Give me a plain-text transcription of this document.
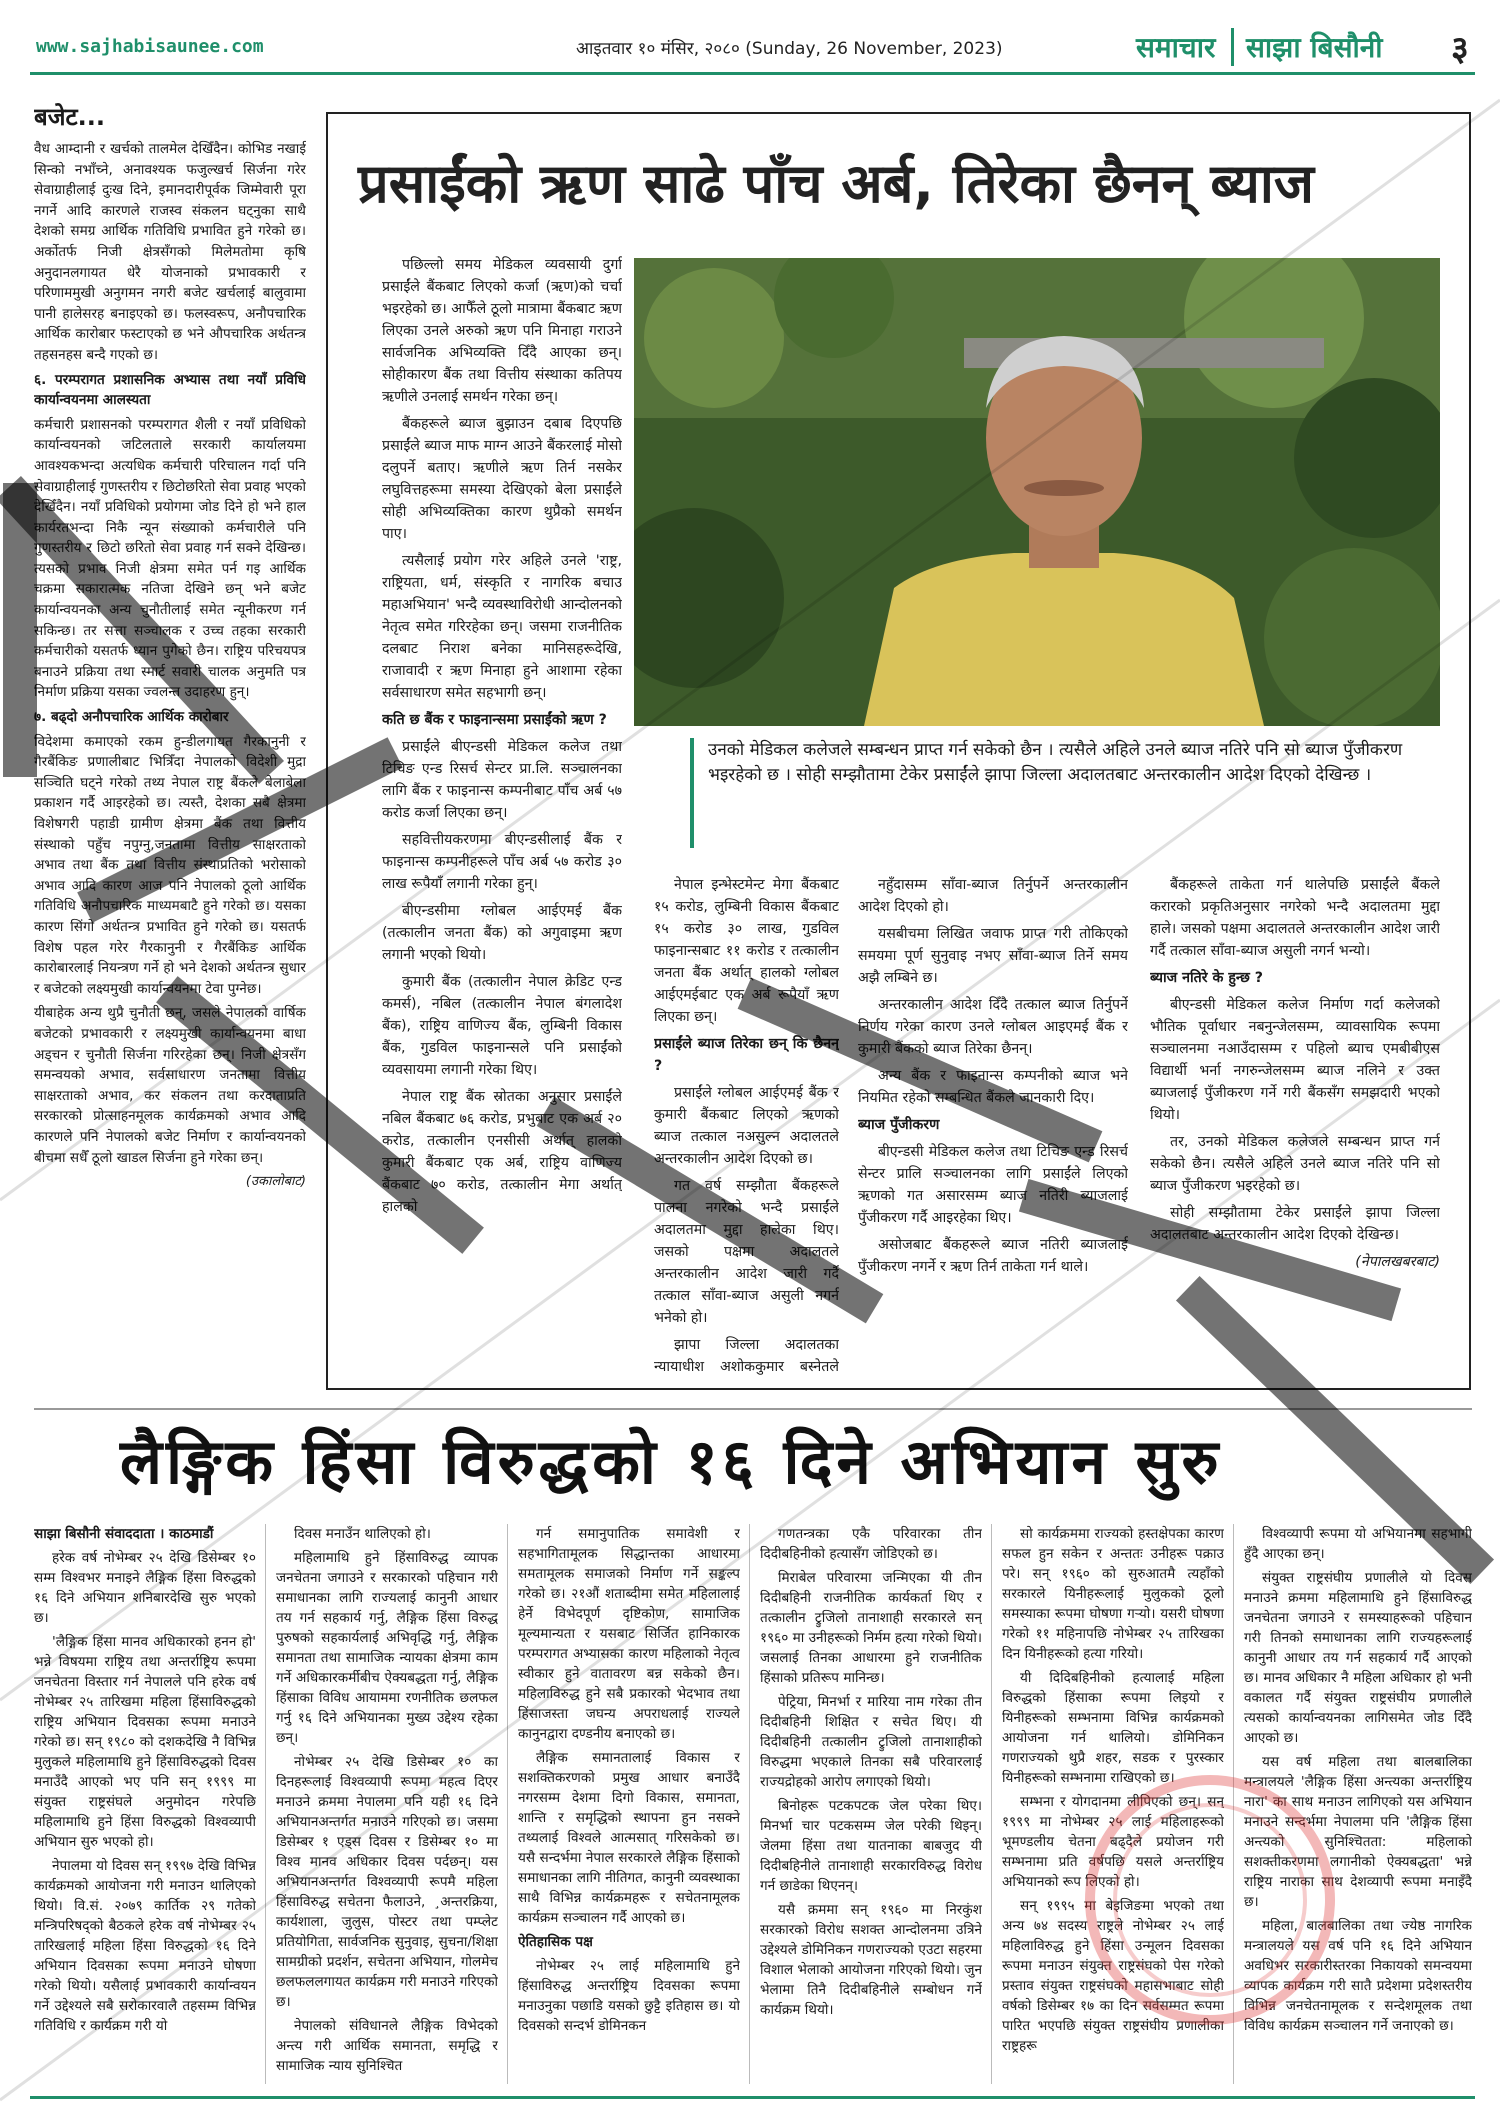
www.sajhabisaunee.com	आइतवार १० मंसिर, २०८० (Sunday, 26 November, 2023)	समाचार साझा बिसौनी ३
बजेट...

वैध आम्दानी र खर्चको तालमेल देखिँदैन। कोभिड नखाई सिन्को नभाँच्ने, अनावश्यक फजुल्खर्च सिर्जना गरेर सेवाग्राहीलाई दुःख दिने, इमानदारीपूर्वक जिम्मेवारी पूरा नगर्ने आदि कारणले राजस्व संकलन घट्नुका साथै देशको समग्र आर्थिक गतिविधि प्रभावित हुने गरेको छ। अर्कोतर्फ निजी क्षेत्रसँगको मिलेमतोमा कृषि अनुदानलगायत धेरै योजनाको प्रभावकारी र परिणाममुखी अनुगमन नगरी बजेट खर्चलाई बालुवामा पानी हालेसरह बनाइएको छ। फलस्वरूप, अनौपचारिक आर्थिक कारोबार फस्टाएको छ भने औपचारिक अर्थतन्त्र तहसनहस बन्दै गएको छ।

६. परम्परागत प्रशासनिक अभ्यास तथा नयाँ प्रविधि कार्यान्वयनमा आलस्यता

कर्मचारी प्रशासनको परम्परागत शैली र नयाँ प्रविधिको कार्यान्वयनको जटिलताले सरकारी कार्यालयमा आवश्यकभन्दा अत्यधिक कर्मचारी परिचालन गर्दा पनि सेवाग्राहीलाई गुणस्तरीय र छिटोछरितो सेवा प्रवाह भएको देखिँदैन। नयाँ प्रविधिको प्रयोगमा जोड दिने हो भने हाल कार्यरतभन्दा निकै न्यून संख्याको कर्मचारीले पनि गुणस्तरीय र छिटो छरितो सेवा प्रवाह गर्न सक्ने देखिन्छ। त्यसको प्रभाव निजी क्षेत्रमा समेत पर्न गइ आर्थिक चक्रमा सकारात्मक नतिजा देखिने छन् भने बजेट कार्यान्वयनका अन्य चुनौतीलाई समेत न्यूनीकरण गर्न सकिन्छ। तर सत्ता सञ्चालक र उच्च तहका सरकारी कर्मचारीको यसतर्फ ध्यान पुगेको छैन। राष्ट्रिय परिचयपत्र बनाउने प्रक्रिया तथा स्मार्ट सवारी चालक अनुमति पत्र निर्माण प्रक्रिया यसका ज्वलन्त उदाहरण हुन्।

७. बढ्दो अनौपचारिक आर्थिक कारोबार

विदेशमा कमाएको रकम हुन्डीलगायत गैरकानुनी र गैरबैंकिङ प्रणालीबाट भित्रिँदा नेपालको विदेशी मुद्रा सञ्चिति घट्ने गरेको तथ्य नेपाल राष्ट्र बैंकले बेलाबेला प्रकाशन गर्दै आइरहेको छ। त्यस्तै, देशका सबै क्षेत्रमा विशेषगरी पहाडी ग्रामीण क्षेत्रमा बैंक तथा वित्तीय संस्थाको पहुँच नपुग्नु,जनतामा वित्तीय साक्षरताको अभाव तथा बैंक तथा वित्तीय संस्थाप्रतिको भरोसाको अभाव आदि कारण आज पनि नेपालको ठूलो आर्थिक गतिविधि अनौपचारिक माध्यमबाटै हुने गरेको छ। यसका कारण सिंगो अर्थतन्त्र प्रभावित हुने गरेको छ। यसतर्फ विशेष पहल गरेर गैरकानुनी र गैरबैंकिङ आर्थिक कारोबारलाई नियन्त्रण गर्ने हो भने देशको अर्थतन्त्र सुधार र बजेटको लक्ष्यमुखी कार्यान्वयनमा टेवा पुग्नेछ।

यीबाहेक अन्य थुप्रै चुनौती छन्, जसले नेपालको वार्षिक बजेटको प्रभावकारी र लक्ष्यमुखी कार्यान्वयनमा बाधा अड्चन र चुनौती सिर्जना गरिरहेका छन्। निजी क्षेत्रसँग समन्वयको अभाव, सर्वसाधारण जनतामा वित्तीय साक्षरताको अभाव, कर संकलन तथा करदाताप्रति सरकारको प्रोत्साहनमूलक कार्यक्रमको अभाव आदि कारणले पनि नेपालको बजेट निर्माण र कार्यान्वयनको बीचमा सधैँ ठूलो खाडल सिर्जना हुने गरेका छन्।

(उकालोबाट)

प्रसाईंको ऋण साढे पाँच अर्ब, तिरेका छैनन् ब्याज

पछिल्लो समय मेडिकल व्यवसायी दुर्गा प्रसाईंले बैंकबाट लिएको कर्जा (ऋण)को चर्चा भइरहेको छ। आफैँले ठूलो मात्रामा बैंकबाट ऋण लिएका उनले अरुको ऋण पनि मिनाहा गराउने सार्वजनिक अभिव्यक्ति दिँदै आएका छन्। सोहीकारण बैंक तथा वित्तीय संस्थाका कतिपय ऋणीले उनलाई समर्थन गरेका छन्।

बैंकहरूले ब्याज बुझाउन दबाब दिएपछि प्रसाईंले ब्याज माफ माग्न आउने बैंकरलाई मोसो दलुपर्ने बताए। ऋणीले ऋण तिर्न नसकेर लघुवित्तहरूमा समस्या देखिएको बेला प्रसाईंले सोही अभिव्यक्तिका कारण थुप्रैको समर्थन पाए।

त्यसैलाई प्रयोग गरेर अहिले उनले 'राष्ट्र, राष्ट्रियता, धर्म, संस्कृति र नागरिक बचाउ महाअभियान' भन्दै व्यवस्थाविरोधी आन्दोलनको नेतृत्व समेत गरिरहेका छन्। जसमा राजनीतिक दलबाट निराश बनेका मानिसहरूदेखि, राजावादी र ऋण मिनाहा हुने आशामा रहेका सर्वसाधारण समेत सहभागी छन्।

कति छ बैंक र फाइनान्समा प्रसाईंको ऋण ?

प्रसाईंले बीएन्डसी मेडिकल कलेज तथा टिचिङ एन्ड रिसर्च सेन्टर प्रा.लि. सञ्चालनका लागि बैंक र फाइनान्स कम्पनीबाट पाँच अर्ब ५७ करोड कर्जा लिएका छन्।

सहवित्तीयकरणमा बीएन्डसीलाई बैंक र फाइनान्स कम्पनीहरूले पाँच अर्ब ५७ करोड ३० लाख रूपैयाँ लगानी गरेका हुन्।

बीएन्डसीमा ग्लोबल आईएमई बैंक (तत्कालीन जनता बैंक) को अगुवाइमा ऋण लगानी भएको थियो।

कुमारी बैंक (तत्कालीन नेपाल क्रेडिट एन्ड कमर्स), नबिल (तत्कालीन नेपाल बंगलादेश बैंक), राष्ट्रिय वाणिज्य बैंक, लुम्बिनी विकास बैंक, गुडविल फाइनान्सले पनि प्रसाईंको व्यवसायमा लगानी गरेका थिए।

नेपाल राष्ट्र बैंक स्रोतका अनुसार प्रसाईंले नबिल बैंकबाट ७६ करोड, प्रभुबाट एक अर्ब २० करोड, तत्कालीन एनसीसी अर्थात् हालको कुमारी बैंकबाट एक अर्ब, राष्ट्रिय वाणिज्य बैंकबाट ७० करोड, तत्कालीन मेगा अर्थात् हालको

उनको मेडिकल कलेजले सम्बन्धन प्राप्त गर्न सकेको छैन । त्यसैले अहिले उनले ब्याज नतिरे पनि सो ब्याज पुँजीकरण भइरहेको छ । सोही सम्झौतामा टेकेर प्रसाईंले झापा जिल्ला अदालतबाट अन्तरकालीन आदेश दिएको देखिन्छ ।

नेपाल इन्भेस्टमेन्ट मेगा बैंकबाट १५ करोड, लुम्बिनी विकास बैंकबाट १५ करोड ३० लाख, गुडविल फाइनान्सबाट ११ करोड र तत्कालीन जनता बैंक अर्थात् हालको ग्लोबल आईएमईबाट एक अर्ब रूपैयाँ ऋण लिएका छन्।

प्रसाईंले ब्याज तिरेका छन् कि छैनन् ?

प्रसाईंले ग्लोबल आईएमई बैंक र कुमारी बैंकबाट लिएको ऋणको ब्याज तत्काल नअसुल्न अदालतले अन्तरकालीन आदेश दिएको छ।

गत वर्ष सम्झौता बैंकहरूले पालना नगरेको भन्दै प्रसाईंले अदालतमा मुद्दा हालेका थिए। जसको पक्षमा अदालतले अन्तरकालीन आदेश जारी गर्दै तत्काल साँवा-ब्याज असुली नगर्न भनेको हो।

झापा जिल्ला अदालतका न्यायाधीश अशोककुमार बस्नेतले

नहुँदासम्म साँवा-ब्याज तिर्नुपर्ने अन्तरकालीन आदेश दिएको हो।

यसबीचमा लिखित जवाफ प्राप्त गरी तोकिएको समयमा पूर्ण सुनुवाइ नभए साँवा-ब्याज तिर्ने समय अझै लम्बिने छ।

अन्तरकालीन आदेश दिँदै तत्काल ब्याज तिर्नुपर्ने निर्णय गरेका कारण उनले ग्लोबल आइएमई बैंक र कुमारी बैंकको ब्याज तिरेका छैनन्।

अन्य बैंक र फाइनान्स कम्पनीको ब्याज भने नियमित रहेको सम्बन्धित बैंकले जानकारी दिए।

ब्याज पुँजीकरण

बीएन्डसी मेडिकल कलेज तथा टिचिङ एन्ड रिसर्च सेन्टर प्रालि सञ्चालनका लागि प्रसाईंले लिएको ऋणको गत असारसम्म ब्याज नतिरी ब्याजलाई पुँजीकरण गर्दै आइरहेका थिए।

असोजबाट बैंकहरूले ब्याज नतिरी ब्याजलाई पुँजीकरण नगर्ने र ऋण तिर्न ताकेता गर्न थाले।

बैंकहरूले ताकेता गर्न थालेपछि प्रसाईंले बैंकले करारको प्रकृतिअनुसार नगरेको भन्दै अदालतमा मुद्दा हाले। जसको पक्षमा अदालतले अन्तरकालीन आदेश जारी गर्दै तत्काल साँवा-ब्याज असुली नगर्न भन्यो।

ब्याज नतिरे के हुन्छ ?

बीएन्डसी मेडिकल कलेज निर्माण गर्दा कलेजको भौतिक पूर्वाधार नबनुन्जेलसम्म, व्यावसायिक रूपमा सञ्चालनमा नआउँदासम्म र पहिलो ब्याच एमबीबीएस विद्यार्थी भर्ना नगरुन्जेलसम्म ब्याज नलिने र उक्त ब्याजलाई पुँजीकरण गर्ने गरी बैंकसँग समझदारी भएको थियो।

तर, उनको मेडिकल कलेजले सम्बन्धन प्राप्त गर्न सकेको छैन। त्यसैले अहिले उनले ब्याज नतिरे पनि सो ब्याज पुँजीकरण भइरहेको छ।

सोही सम्झौतामा टेकेर प्रसाईंले झापा जिल्ला अदालतबाट अन्तरकालीन आदेश दिएको देखिन्छ।

(नेपालखबरबाट)

लैङ्गिक हिंसा विरुद्धको १६ दिने अभियान सुरु

साझा बिसौनी संवाददाता । काठमाडौं

हरेक वर्ष नोभेम्बर २५ देखि डिसेम्बर १० सम्म विश्वभर मनाइने लैङ्गिक हिंसा विरुद्धको १६ दिने अभियान शनिबारदेखि सुरु भएको छ।

'लैङ्गिक हिंसा मानव अधिकारको हनन हो' भन्ने विषयमा राष्ट्रिय तथा अन्तर्राष्ट्रिय रूपमा जनचेतना विस्तार गर्न नेपालले पनि हरेक वर्ष नोभेम्बर २५ तारिखमा महिला हिंसाविरुद्धको राष्ट्रिय अभियान दिवसका रूपमा मनाउने गरेको छ। सन् १९८० को दशकदेखि नै विभिन्न मुलुकले महिलामाथि हुने हिंसाविरुद्धको दिवस मनाउँदै आएको भए पनि सन् १९९९ मा संयुक्त राष्ट्रसंघले अनुमोदन गरेपछि महिलामाथि हुने हिंसा विरुद्धको विश्वव्यापी अभियान सुरु भएको हो।

नेपालमा यो दिवस सन् १९९७ देखि विभिन्न कार्यक्रमको आयोजना गरी मनाउन थालिएको थियो। वि.सं. २०७९ कार्तिक २९ गतेको मन्त्रिपरिषद्को बैठकले हरेक वर्ष नोभेम्बर २५ तारिखलाई महिला हिंसा विरुद्धको १६ दिने अभियान दिवसका रूपमा मनाउने घोषणा गरेको थियो। यसैलाई प्रभावकारी कार्यान्वयन गर्ने उद्देश्यले सबै सरोकारवालै तहसम्म विभिन्न गतिविधि र कार्यक्रम गरी यो

दिवस मनाउँन थालिएको हो।

महिलामाथि हुने हिंसाविरुद्ध व्यापक जनचेतना जगाउने र सरकारको पहिचान गरी समाधानका लागि राज्यलाई कानुनी आधार तय गर्न सहकार्य गर्नु, लैङ्गिक हिंसा विरुद्ध पुरुषको सहकार्यलाई अभिवृद्धि गर्नु, लैङ्गिक समानता तथा सामाजिक न्यायका क्षेत्रमा काम गर्ने अधिकारकर्मीबीच ऐक्यबद्धता गर्नु, लैङ्गिक हिंसाका विविध आयाममा रणनीतिक छलफल गर्नु १६ दिने अभियानका मुख्य उद्देश्य रहेका छन्।

नोभेम्बर २५ देखि डिसेम्बर १० का दिनहरूलाई विश्वव्यापी रूपमा महत्व दिएर मनाउने क्रममा नेपालमा पनि यही १६ दिने अभियानअन्तर्गत मनाउने गरिएको छ। जसमा डिसेम्बर १ एड्स दिवस र डिसेम्बर १० मा विश्व मानव अधिकार दिवस पर्दछन्। यस अभियानअन्तर्गत विश्वव्यापी रूपमै महिला हिंसाविरुद्ध सचेतना फैलाउने, ¸अन्तरक्रिया, कार्यशाला, जुलुस, पोस्टर तथा पम्प्लेट प्रतियोगिता, सार्वजनिक सुनुवाइ, सुचना/शिक्षा सामग्रीको प्रदर्शन, सचेतना अभियान, गोलमेच छलफललगायत कार्यक्रम गरी मनाउने गरिएको छ।

नेपालको संविधानले लैङ्गिक विभेदको अन्त्य गरी आर्थिक समानता, समृद्धि र सामाजिक न्याय सुनिश्चित

गर्न समानुपातिक समावेशी र सहभागितामूलक सिद्धान्तका आधारमा समतामूलक समाजको निर्माण गर्ने सङ्कल्प गरेको छ। २१औं शताब्दीमा समेत महिलालाई हेर्ने विभेदपूर्ण दृष्टिकोण, सामाजिक मूल्यमान्यता र यसबाट सिर्जित हानिकारक परम्परागत अभ्यासका कारण महिलाको नेतृत्व स्वीकार हुने वातावरण बन्न सकेको छैन। महिलाविरुद्ध हुने सबै प्रकारको भेदभाव तथा हिंसाजस्ता जघन्य अपराधलाई राज्यले कानुनद्वारा दण्डनीय बनाएको छ।

लैङ्गिक समानतालाई विकास र सशक्तिकरणको प्रमुख आधार बनाउँदै नगरसम्म देशमा दिगो विकास, समानता, शान्ति र समृद्धिको स्थापना हुन नसक्ने तथ्यलाई विश्वले आत्मसात् गरिसकेको छ। यसै सन्दर्भमा नेपाल सरकारले लैङ्गिक हिंसाको समाधानका लागि नीतिगत, कानुनी व्यवस्थाका साथै विभिन्न कार्यक्रमहरू र सचेतनामूलक कार्यक्रम सञ्चालन गर्दै आएको छ।

ऐतिहासिक पक्ष

नोभेम्बर २५ लाई महिलामाथि हुने हिंसाविरुद्ध अन्तर्राष्ट्रिय दिवसका रूपमा मनाउनुका पछाडि यसको छुट्टै इतिहास छ। यो दिवसको सन्दर्भ डोमिनकन

गणतन्त्रका एकै परिवारका तीन दिदीबहिनीको हत्यासँग जोडिएको छ।

मिराबेल परिवारमा जन्मिएका यी तीन दिदीबहिनी राजनीतिक कार्यकर्ता थिए र तत्कालीन ट्रुजिलो तानाशाही सरकारले सन् १९६० मा उनीहरूको निर्मम हत्या गरेको थियो। जसलाई तिनका आधारमा हुने राजनीतिक हिंसाको प्रतिरूप मानिन्छ।

पेट्रिया, मिनर्भा र मारिया नाम गरेका तीन दिदीबहिनी शिक्षित र सचेत थिए। यी दिदीबहिनी तत्कालीन ट्रुजिलो तानाशाहीको विरुद्धमा भएकाले तिनका सबै परिवारलाई राज्यद्रोहको आरोप लगाएको थियो।

बिनोहरू पटकपटक जेल परेका थिए। मिनर्भा चार पटकसम्म जेल परेकी थिइन्। जेलमा हिंसा तथा यातनाका बाबजुद यी दिदीबहिनीले तानाशाही सरकारविरुद्ध विरोध गर्न छाडेका थिएनन्।

यसै क्रममा सन् १९६० मा निरकुंश सरकारको विरोध सशक्त आन्दोलनमा उत्रिने उद्देश्यले डोमिनिकन गणराज्यको एउटा सहरमा विशाल भेलाको आयोजना गरिएको थियो। जुन भेलामा तिनै दिदीबहिनीले सम्बोधन गर्ने कार्यक्रम थियो।

सो कार्यक्रममा राज्यको हस्तक्षेपका कारण सफल हुन सकेन र अन्ततः उनीहरू पक्राउ परे। सन् १९६० को सुरुआतमै त्यहाँको सरकारले यिनीहरूलाई मुलुकको ठूलो समस्याका रूपमा घोषणा गऱ्यो। यसरी घोषणा गरेको ११ महिनापछि नोभेम्बर २५ तारिखका दिन यिनीहरूको हत्या गरियो।

यी दिदिबहिनीको हत्यालाई महिला विरुद्धको हिंसाका रूपमा लिइयो र यिनीहरूको सम्भनामा विभिन्न कार्यक्रमको आयोजना गर्न थालियो। डोमिनिकन गणराज्यको थुप्रै शहर, सडक र पुरस्कार यिनीहरूको सम्भनामा राखिएको छ।

सम्भना र योगदानमा लीपिएको छन्। सन् १९९९ मा नोभेम्बर २५ लाई महिलाहरूको भूमण्डलीय चेतना बढ्दैले प्रयोजन गरी सम्भनामा प्रति वर्षपछि यसले अन्तर्राष्ट्रिय अभियानको रूप लिएको हो।

सन् १९९५ मा बेइजिङमा भएको तथा अन्य ७४ सदस्य राष्ट्रले नोभेम्बर २५ लाई महिलाविरुद्ध हुने हिंसा उन्मूलन दिवसका रूपमा मनाउन संयुक्त राष्ट्रसंघको पेस गरेको प्रस्ताव संयुक्त राष्ट्रसंघको महासभाबाट सोही वर्षको डिसेम्बर १७ का दिन सर्वसम्मत रूपमा पारित भएपछि संयुक्त राष्ट्रसंघीय प्रणालीका राष्ट्रहरू

विश्वव्यापी रूपमा यो अभियानमा सहभागी हुँदै आएका छन्।

संयुक्त राष्ट्रसंघीय प्रणालीले यो दिवस मनाउने क्रममा महिलामाथि हुने हिंसाविरुद्ध जनचेतना जगाउने र समस्याहरूको पहिचान गरी तिनको समाधानका लागि राज्यहरूलाई कानुनी आधार तय गर्न सहकार्य गर्दै आएको छ। मानव अधिकार नै महिला अधिकार हो भनी वकालत गर्दै संयुक्त राष्ट्रसंघीय प्रणालीले त्यसको कार्यान्वयनका लागिसमेत जोड दिँदै आएको छ।

यस वर्ष महिला तथा बालबालिका मन्त्रालयले 'लैङ्गिक हिंसा अन्त्यका अन्तर्राष्ट्रिय नारा' का साथ मनाउन लागिएको यस अभियान मनाउने सन्दर्भमा नेपालमा पनि 'लैङ्गिक हिंसा अन्त्यको सुनिश्चितता: महिलाको सशक्तीकरणमा लगानीको ऐक्यबद्धता' भन्ने राष्ट्रिय नाराका साथ देशव्यापी रूपमा मनाइँदै छ।

महिला, बालबालिका तथा ज्येष्ठ नागरिक मन्त्रालयले यस वर्ष पनि १६ दिने अभियान अवधिभर सरकारीस्तरका निकायको समन्वयमा व्यापक कार्यक्रम गरी सातै प्रदेशमा प्रदेशस्तरीय विभिन्न जनचेतनामूलक र सन्देशमूलक तथा विविध कार्यक्रम सञ्चालन गर्ने जनाएको छ।
